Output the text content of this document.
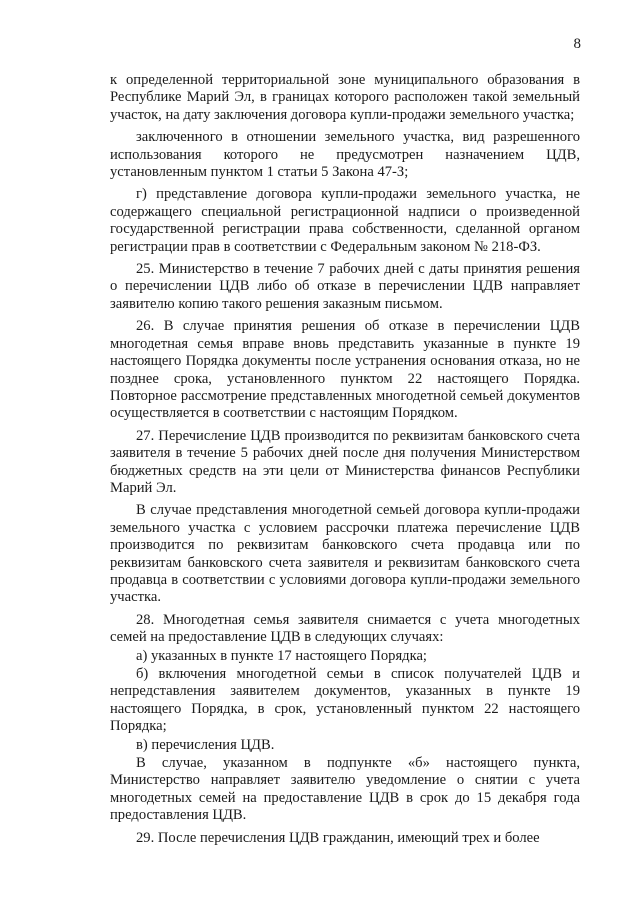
8

к определенной территориальной зоне муниципального образования в Республике Марий Эл, в границах которого расположен такой земельный участок, на дату заключения договора купли-продажи земельного участка;

заключенного в отношении земельного участка, вид разрешенного использования которого не предусмотрен назначением ЦДВ, установленным пунктом 1 статьи 5 Закона 47-З;

г) представление договора купли-продажи земельного участка, не содержащего специальной регистрационной надписи о произведенной государственной регистрации права собственности, сделанной органом регистрации прав в соответствии с Федеральным законом № 218-ФЗ.

25. Министерство в течение 7 рабочих дней с даты принятия решения о перечислении ЦДВ либо об отказе в перечислении ЦДВ направляет заявителю копию такого решения заказным письмом.

26. В случае принятия решения об отказе в перечислении ЦДВ многодетная семья вправе вновь представить указанные в пункте 19 настоящего Порядка документы после устранения основания отказа, но не позднее срока, установленного пунктом 22 настоящего Порядка. Повторное рассмотрение представленных многодетной семьей документов осуществляется в соответствии с настоящим Порядком.

27. Перечисление ЦДВ производится по реквизитам банковского счета заявителя в течение 5 рабочих дней после дня получения Министерством бюджетных средств на эти цели от Министерства финансов Республики Марий Эл.

В случае представления многодетной семьей договора купли-продажи земельного участка с условием рассрочки платежа перечисление ЦДВ производится по реквизитам банковского счета продавца или по реквизитам банковского счета заявителя и реквизитам банковского счета продавца в соответствии с условиями договора купли-продажи земельного участка.

28. Многодетная семья заявителя снимается с учета многодетных семей на предоставление ЦДВ в следующих случаях:

а) указанных в пункте 17 настоящего Порядка;

б) включения многодетной семьи в список получателей ЦДВ и непредставления заявителем документов, указанных в пункте 19 настоящего Порядка, в срок, установленный пунктом 22 настоящего Порядка;

в) перечисления ЦДВ.

В случае, указанном в подпункте «б» настоящего пункта, Министерство направляет заявителю уведомление о снятии с учета многодетных семей на предоставление ЦДВ в срок до 15 декабря года предоставления ЦДВ.

29. После перечисления ЦДВ гражданин, имеющий трех и более
